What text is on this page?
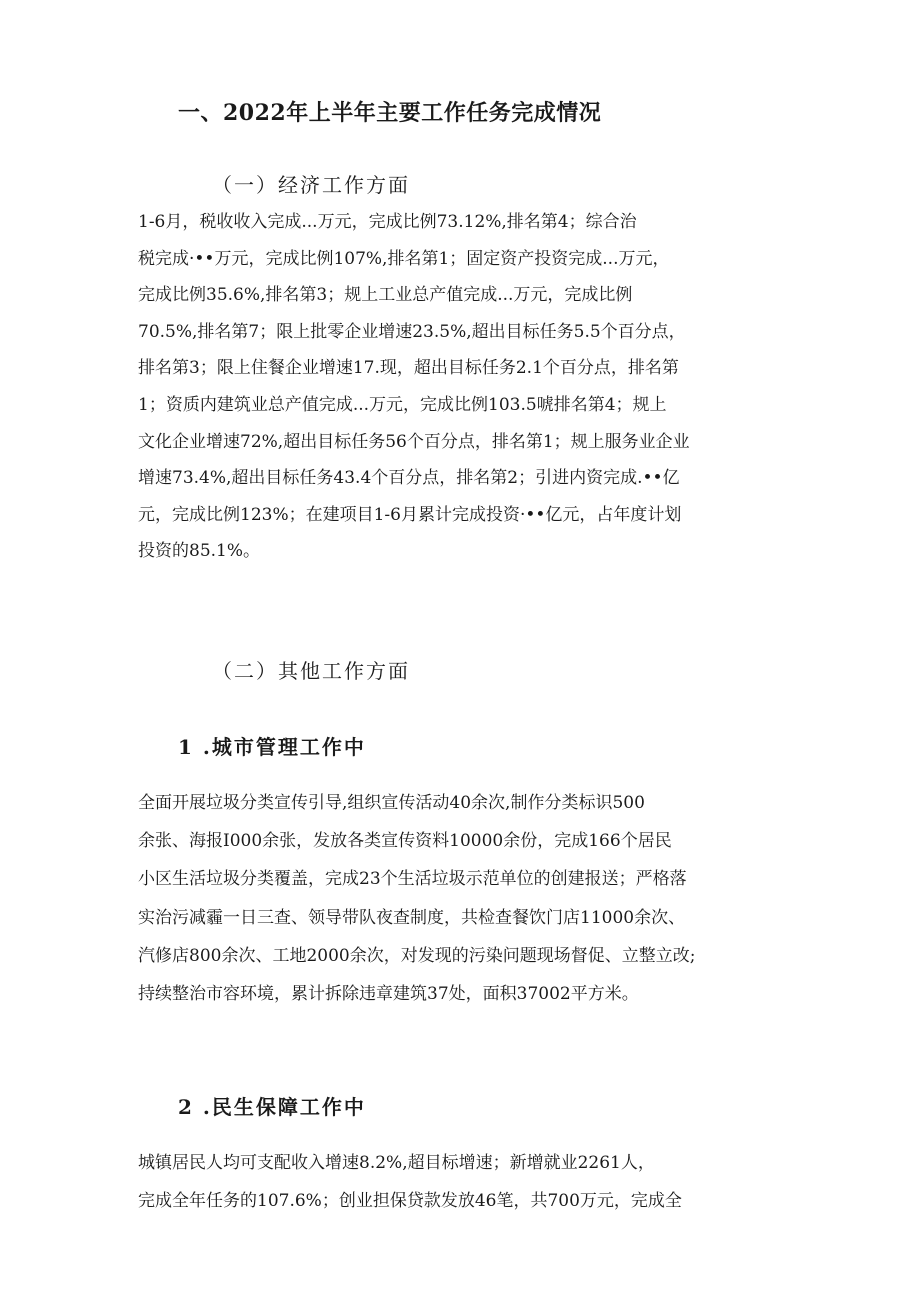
一、2022年上半年主要工作任务完成情况
（一）经济工作方面
1-6月，税收收入完成...万元，完成比例73.12%,排名第4；综合治
税完成·••万元，完成比例107%,排名第1；固定资产投资完成...万元，
完成比例35.6%,排名第3；规上工业总产值完成...万元，完成比例
70.5%,排名第7；限上批零企业增速23.5%,超出目标任务5.5个百分点，
排名第3；限上住餐企业增速17.现，超出目标任务2.1个百分点，排名第
1；资质内建筑业总产值完成...万元，完成比例103.5唬排名第4；规上
文化企业增速72%,超出目标任务56个百分点，排名第1；规上服务业企业
增速73.4%,超出目标任务43.4个百分点，排名第2；引进内资完成.••亿
元，完成比例123%；在建项目1-6月累计完成投资·••亿元，占年度计划
投资的85.1%。
（二）其他工作方面
1 .城市管理工作中
全面开展垃圾分类宣传引导,组织宣传活动40余次,制作分类标识500
余张、海报I000余张，发放各类宣传资料10000余份，完成166个居民
小区生活垃圾分类覆盖，完成23个生活垃圾示范单位的创建报送；严格落
实治污减霾一日三查、领导带队夜查制度，共检查餐饮门店11000余次、
汽修店800余次、工地2000余次，对发现的污染问题现场督促、立整立改;
持续整治市容环境，累计拆除违章建筑37处，面积37002平方米。
2 .民生保障工作中
城镇居民人均可支配收入增速8.2%,超目标增速；新增就业2261人，
完成全年任务的107.6%；创业担保贷款发放46笔，共700万元，完成全
